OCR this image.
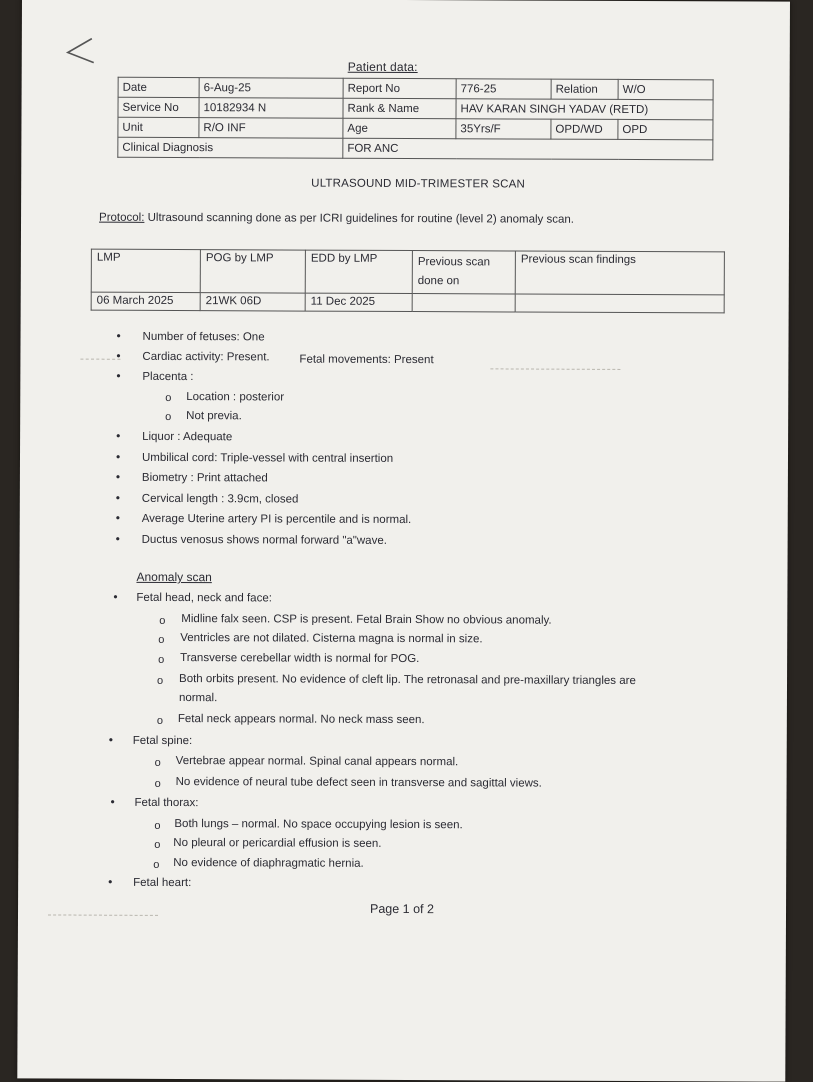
Patient data:
Date	6-Aug-25	Report No	776-25	Relation	W/O
Service No	10182934 N	Rank & Name	HAV KARAN SINGH YADAV (RETD)		
Unit	R/O INF	Age	35Yrs/F	OPD/WD	OPD
Clinical Diagnosis		FOR ANC			
ULTRASOUND MID-TRIMESTER SCAN
Protocol: Ultrasound scanning done as per ICRI guidelines for routine (level 2) anomaly scan.
LMP	POG by LMP	EDD by LMP	Previous scan done on	Previous scan findings
06 March 2025	21WK 06D	11 Dec 2025		
• Number of fetuses: One
• Cardiac activity: Present.	Fetal movements: Present
• Placenta :
o Location : posterior
o Not previa.
• Liquor : Adequate
• Umbilical cord: Triple-vessel with central insertion
• Biometry : Print attached
• Cervical length : 3.9cm, closed
• Average Uterine artery PI is percentile and is normal.
• Ductus venosus shows normal forward "a"wave.
Anomaly scan
• Fetal head, neck and face:
o Midline falx seen. CSP is present. Fetal Brain Show no obvious anomaly.
o Ventricles are not dilated. Cisterna magna is normal in size.
o Transverse cerebellar width is normal for POG.
o Both orbits present. No evidence of cleft lip. The retronasal and pre-maxillary triangles are
normal.
o Fetal neck appears normal. No neck mass seen.
• Fetal spine:
o Vertebrae appear normal. Spinal canal appears normal.
o No evidence of neural tube defect seen in transverse and sagittal views.
• Fetal thorax:
o Both lungs – normal. No space occupying lesion is seen.
o No pleural or pericardial effusion is seen.
o No evidence of diaphragmatic hernia.
• Fetal heart:
Page 1 of 2
